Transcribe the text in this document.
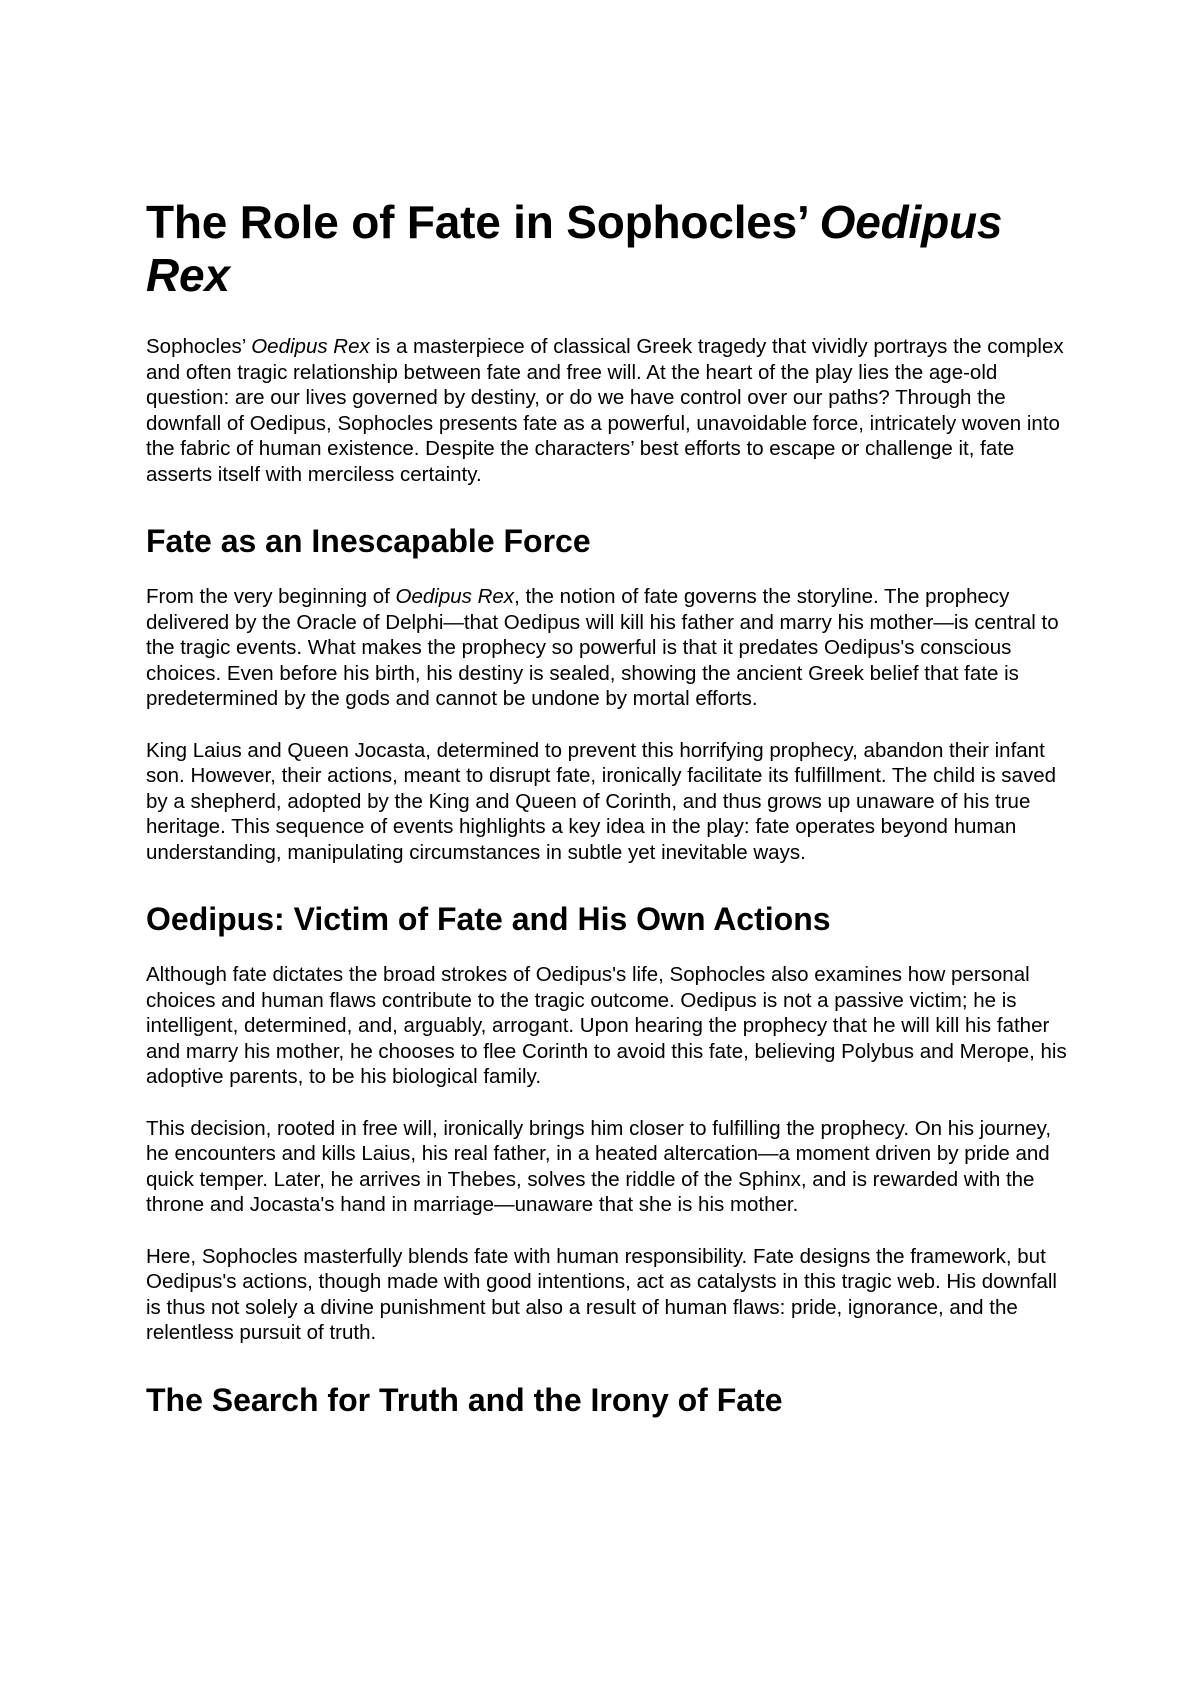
The Role of Fate in Sophocles’ Oedipus Rex

Sophocles’ Oedipus Rex is a masterpiece of classical Greek tragedy that vividly portrays the complex and often tragic relationship between fate and free will. At the heart of the play lies the age-old question: are our lives governed by destiny, or do we have control over our paths? Through the downfall of Oedipus, Sophocles presents fate as a powerful, unavoidable force, intricately woven into the fabric of human existence. Despite the characters’ best efforts to escape or challenge it, fate asserts itself with merciless certainty.

Fate as an Inescapable Force

From the very beginning of Oedipus Rex, the notion of fate governs the storyline. The prophecy delivered by the Oracle of Delphi—that Oedipus will kill his father and marry his mother—is central to the tragic events. What makes the prophecy so powerful is that it predates Oedipus's conscious choices. Even before his birth, his destiny is sealed, showing the ancient Greek belief that fate is predetermined by the gods and cannot be undone by mortal efforts.

King Laius and Queen Jocasta, determined to prevent this horrifying prophecy, abandon their infant son. However, their actions, meant to disrupt fate, ironically facilitate its fulfillment. The child is saved by a shepherd, adopted by the King and Queen of Corinth, and thus grows up unaware of his true heritage. This sequence of events highlights a key idea in the play: fate operates beyond human understanding, manipulating circumstances in subtle yet inevitable ways.

Oedipus: Victim of Fate and His Own Actions

Although fate dictates the broad strokes of Oedipus's life, Sophocles also examines how personal choices and human flaws contribute to the tragic outcome. Oedipus is not a passive victim; he is intelligent, determined, and, arguably, arrogant. Upon hearing the prophecy that he will kill his father and marry his mother, he chooses to flee Corinth to avoid this fate, believing Polybus and Merope, his adoptive parents, to be his biological family.

This decision, rooted in free will, ironically brings him closer to fulfilling the prophecy. On his journey, he encounters and kills Laius, his real father, in a heated altercation—a moment driven by pride and quick temper. Later, he arrives in Thebes, solves the riddle of the Sphinx, and is rewarded with the throne and Jocasta's hand in marriage—unaware that she is his mother.

Here, Sophocles masterfully blends fate with human responsibility. Fate designs the framework, but Oedipus's actions, though made with good intentions, act as catalysts in this tragic web. His downfall is thus not solely a divine punishment but also a result of human flaws: pride, ignorance, and the relentless pursuit of truth.

The Search for Truth and the Irony of Fate
